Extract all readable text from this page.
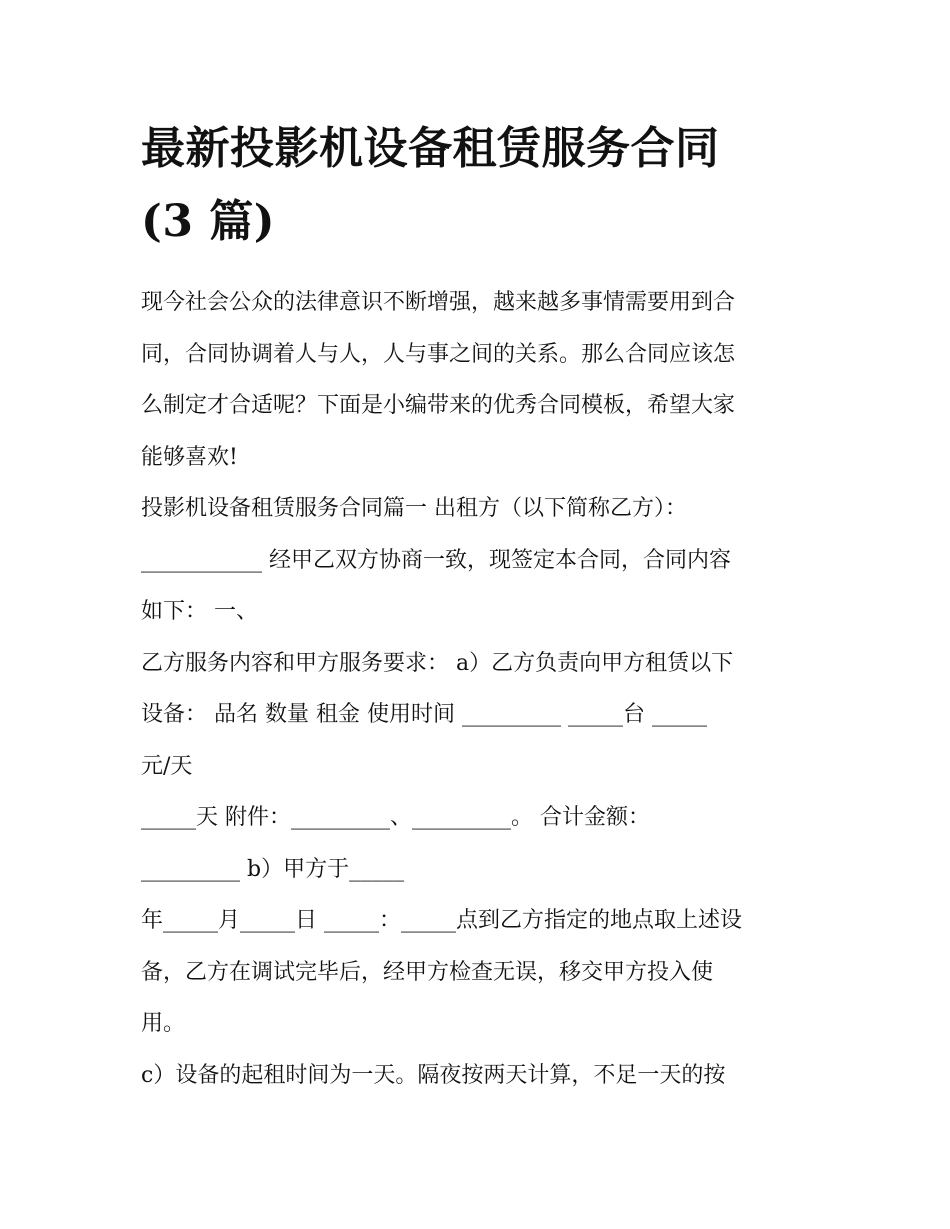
最新投影机设备租赁服务合同
(3 篇)
现今社会公众的法律意识不断增强，越来越多事情需要用到合
同，合同协调着人与人，人与事之间的关系。那么合同应该怎
么制定才合适呢？下面是小编带来的优秀合同模板，希望大家
能够喜欢!
投影机设备租赁服务合同篇一 出租方（以下简称乙方）：
___________ 经甲乙双方协商一致，现签定本合同，合同内容
如下： 一、
乙方服务内容和甲方服务要求： a）乙方负责向甲方租赁以下
设备： 品名 数量 租金 使用时间 _________ _____台 _____
元/天
_____天 附件：_________、_________。 合计金额：
_________ b）甲方于_____
年_____月_____日 _____：_____点到乙方指定的地点取上述设
备，乙方在调试完毕后，经甲方检查无误，移交甲方投入使
用。
c）设备的起租时间为一天。隔夜按两天计算，不足一天的按
